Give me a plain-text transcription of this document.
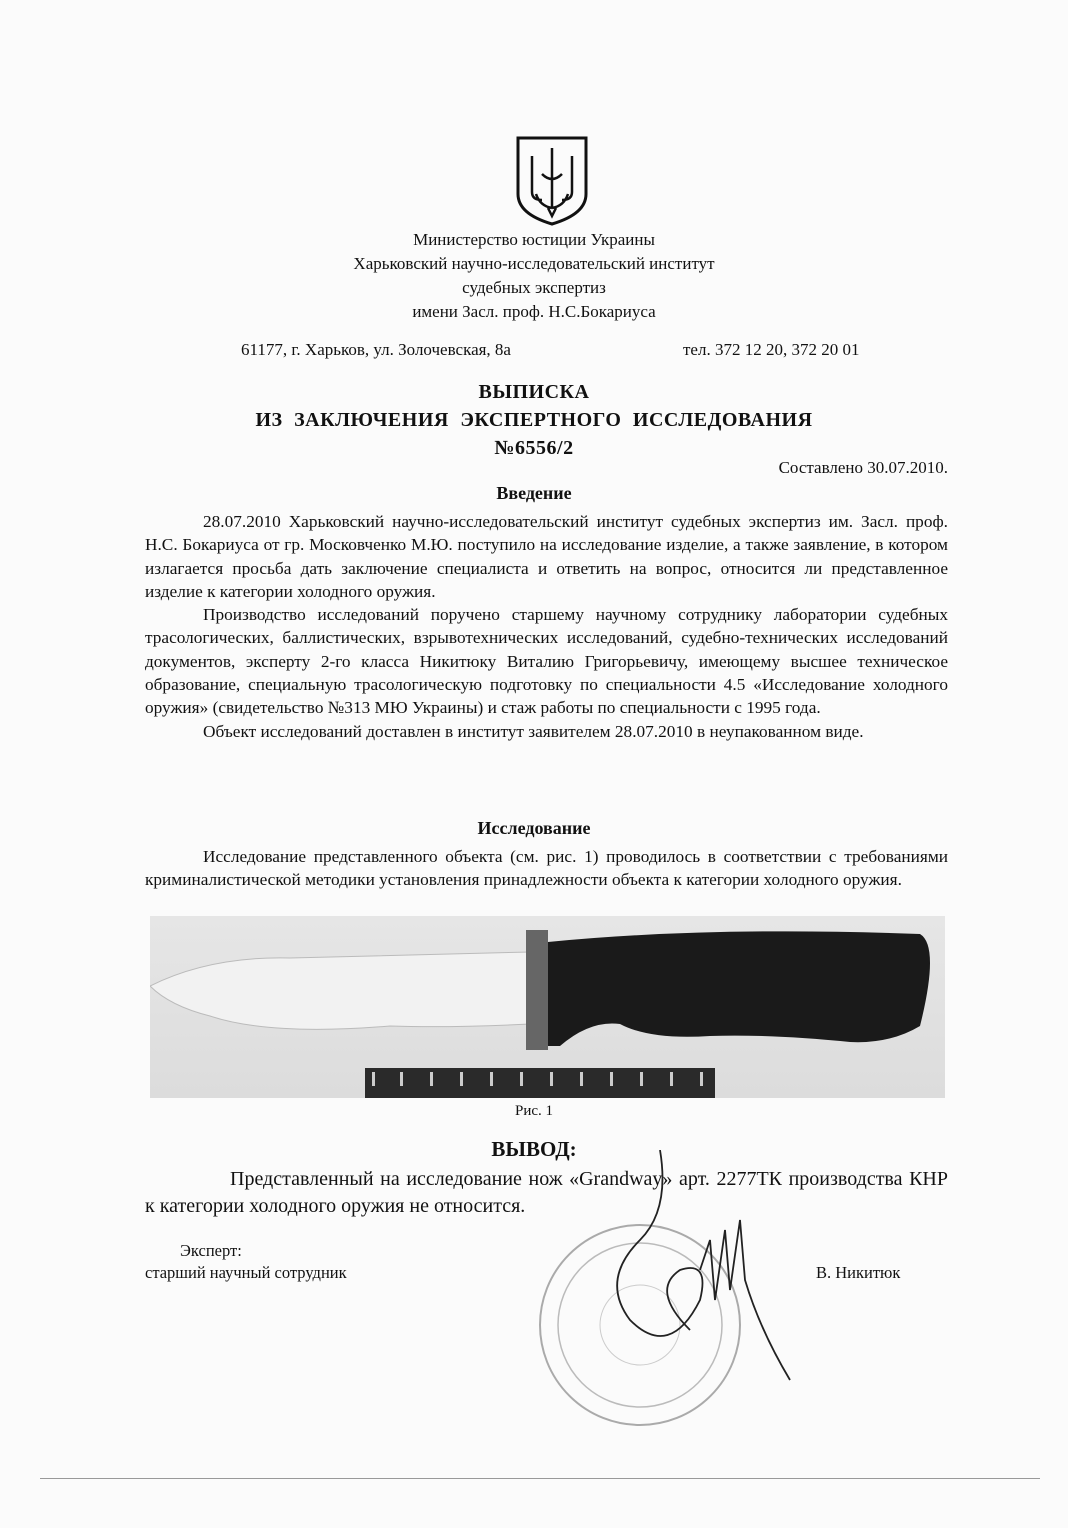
Министерство юстиции Украины
Харьковский научно-исследовательский институт
судебных экспертиз
имени Засл. проф. Н.С.Бокариуса
61177, г. Харьков, ул. Золочевская, 8а	тел. 372 12 20, 372 20 01
ВЫПИСКА
ИЗ ЗАКЛЮЧЕНИЯ ЭКСПЕРТНОГО ИССЛЕДОВАНИЯ
№6556/2
Составлено 30.07.2010.
Введение

28.07.2010 Харьковский научно-исследовательский институт судебных экспертиз им. Засл. проф. Н.С. Бокариуса от гр. Московченко М.Ю. поступило на исследование изделие, а также заявление, в котором излагается просьба дать заключение специалиста и ответить на вопрос, относится ли представленное изделие к категории холодного оружия.

Производство исследований поручено старшему научному сотруднику лаборатории судебных трасологических, баллистических, взрывотехнических исследований, судебно-технических исследований документов, эксперту 2-го класса Никитюку Виталию Григорьевичу, имеющему высшее техническое образование, специальную трасологическую подготовку по специальности 4.5 «Исследование холодного оружия» (свидетельство №313 МЮ Украины) и стаж работы по специальности с 1995 года.

Объект исследований доставлен в институт заявителем 28.07.2010 в неупакованном виде.

Исследование

Исследование представленного объекта (см. рис. 1) проводилось в соответствии с требованиями криминалистической методики установления принадлежности объекта к категории холодного оружия.

Рис. 1
ВЫВОД:

Представленный на исследование нож «Grandway» арт. 2277ТК производства КНР к категории холодного оружия не относится.

Эксперт:
старший научный сотрудник	В. Никитюк
